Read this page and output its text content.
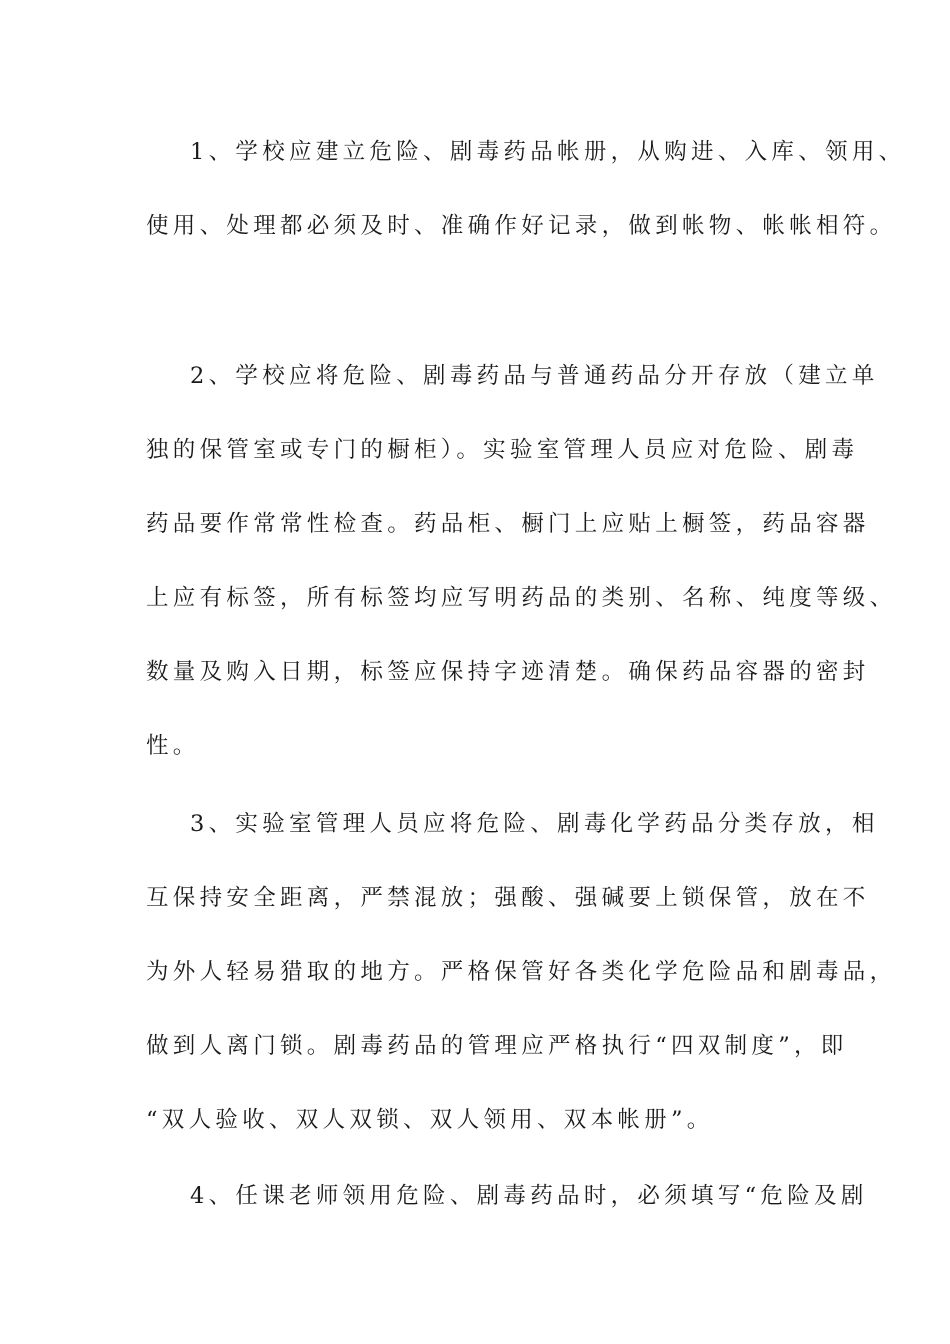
1、学校应建立危险、剧毒药品帐册，从购进、入库、领用、

使用、处理都必须及时、准确作好记录，做到帐物、帐帐相符。

2、学校应将危险、剧毒药品与普通药品分开存放（建立单

独的保管室或专门的橱柜）。实验室管理人员应对危险、剧毒

药品要作常常性检查。药品柜、橱门上应贴上橱签，药品容器

上应有标签，所有标签均应写明药品的类别、名称、纯度等级、

数量及购入日期，标签应保持字迹清楚。确保药品容器的密封

性。

3、实验室管理人员应将危险、剧毒化学药品分类存放，相

互保持安全距离，严禁混放；强酸、强碱要上锁保管，放在不

为外人轻易猎取的地方。严格保管好各类化学危险品和剧毒品，

做到人离门锁。剧毒药品的管理应严格执行“四双制度”，即

“双人验收、双人双锁、双人领用、双本帐册”。

4、任课老师领用危险、剧毒药品时，必须填写“危险及剧
